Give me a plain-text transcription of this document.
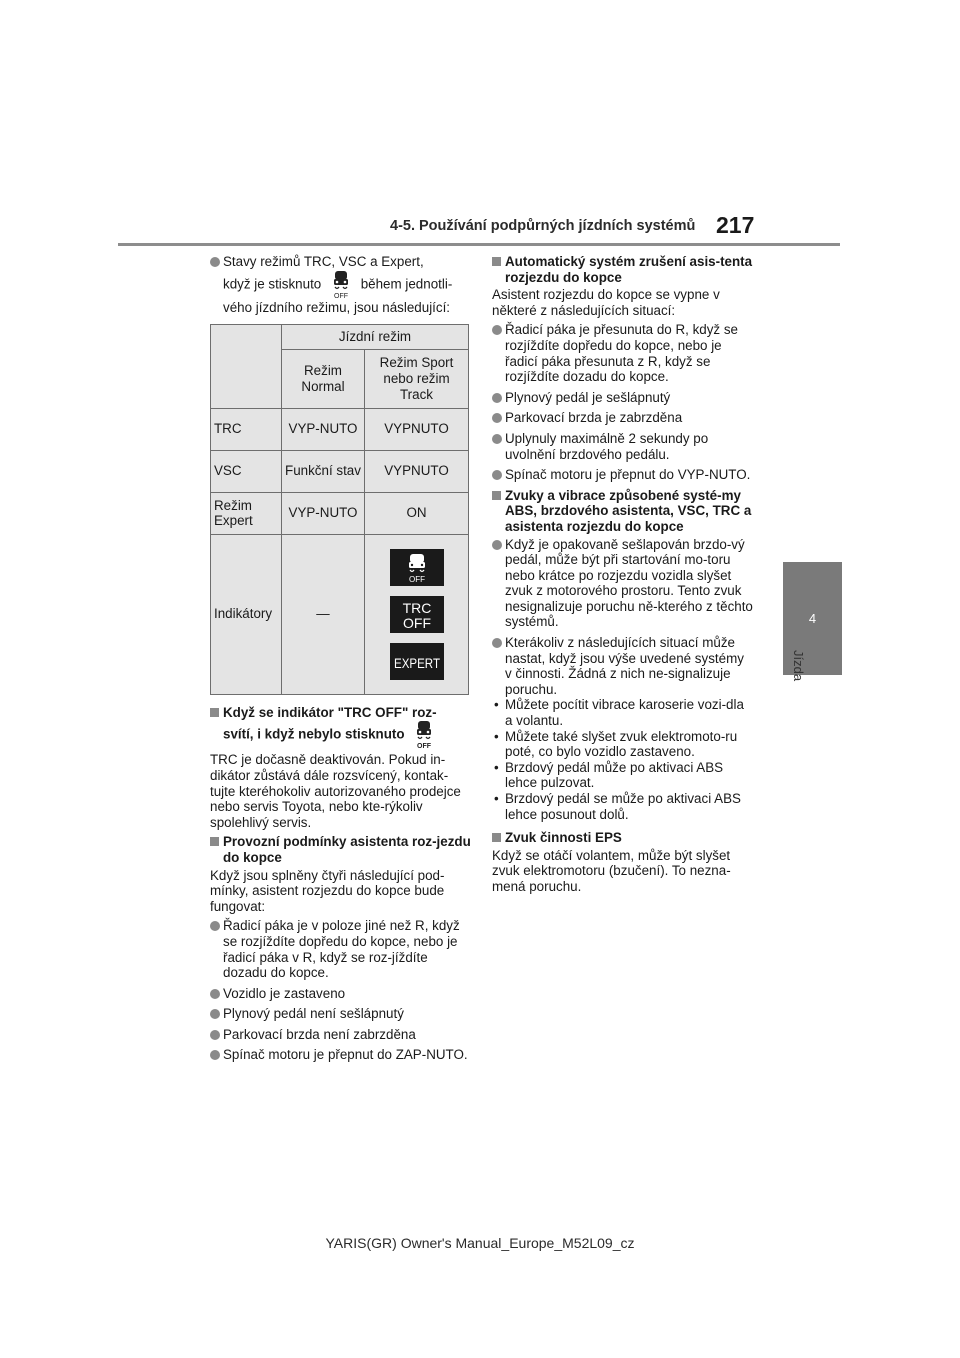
4-5. Používání podpůrných jízdních systémů 217
4
Jízda
Stavy režimů TRC, VSC a Expert,
když je stisknuto
OFF
během jednotli-
vého jízdního režimu, jsou následující:
	Jízdní režim	
	Režim Normal	Režim Sport nebo režim Track
TRC	VYP-NUTO	VYPNUTO
VSC	Funkční stav	VYPNUTO
Režim Expert	VYP-NUTO	ON
Indikátory	—	OFF
TRC
OFF
EXPERT
Když se indikátor "TRC OFF" roz-
svítí, i když nebylo stisknuto
OFF
TRC je dočasně deaktivován. Pokud in-dikátor zůstává dále rozsvícený, kontak-tujte kteréhokoliv autorizovaného prodejce nebo servis Toyota, nebo kte-rýkoliv spolehlivý servis.
Provozní podmínky asistenta roz-jezdu do kopce
Když jsou splněny čtyři následující pod-mínky, asistent rozjezdu do kopce bude fungovat:
Řadicí páka je v poloze jiné než R, když se rozjíždíte dopředu do kopce, nebo je řadicí páka v R, když se roz-jíždíte dozadu do kopce.
Vozidlo je zastaveno
Plynový pedál není sešlápnutý
Parkovací brzda není zabrzděna
Spínač motoru je přepnut do ZAP-NUTO.
Automatický systém zrušení asis-tenta rozjezdu do kopce
Asistent rozjezdu do kopce se vypne v některé z následujících situací:
Řadicí páka je přesunuta do R, když se rozjíždíte dopředu do kopce, nebo je řadicí páka přesunuta z R, když se rozjíždíte dozadu do kopce.
Plynový pedál je sešlápnutý
Parkovací brzda je zabrzděna
Uplynuly maximálně 2 sekundy po uvolnění brzdového pedálu.
Spínač motoru je přepnut do VYP-NUTO.
Zvuky a vibrace způsobené systé-my ABS, brzdového asistenta, VSC, TRC a asistenta rozjezdu do kopce
Když je opakovaně sešlapován brzdo-vý pedál, může být při startování mo-toru nebo krátce po rozjezdu vozidla slyšet zvuk z motorového prostoru. Tento zvuk nesignalizuje poruchu ně-kterého z těchto systémů.
Kterákoliv z následujících situací může nastat, když jsou výše uvedené systémy v činnosti. Žádná z nich ne-signalizuje poruchu.
• Můžete pocítit vibrace karoserie vozi-dla a volantu.
• Můžete také slyšet zvuk elektromoto-ru poté, co bylo vozidlo zastaveno.
• Brzdový pedál může po aktivaci ABS lehce pulzovat.
• Brzdový pedál se může po aktivaci ABS lehce posunout dolů.
Zvuk činnosti EPS
Když se otáčí volantem, může být slyšet zvuk elektromotoru (bzučení). To nezna-mená poruchu.
YARIS(GR) Owner's Manual_Europe_M52L09_cz
